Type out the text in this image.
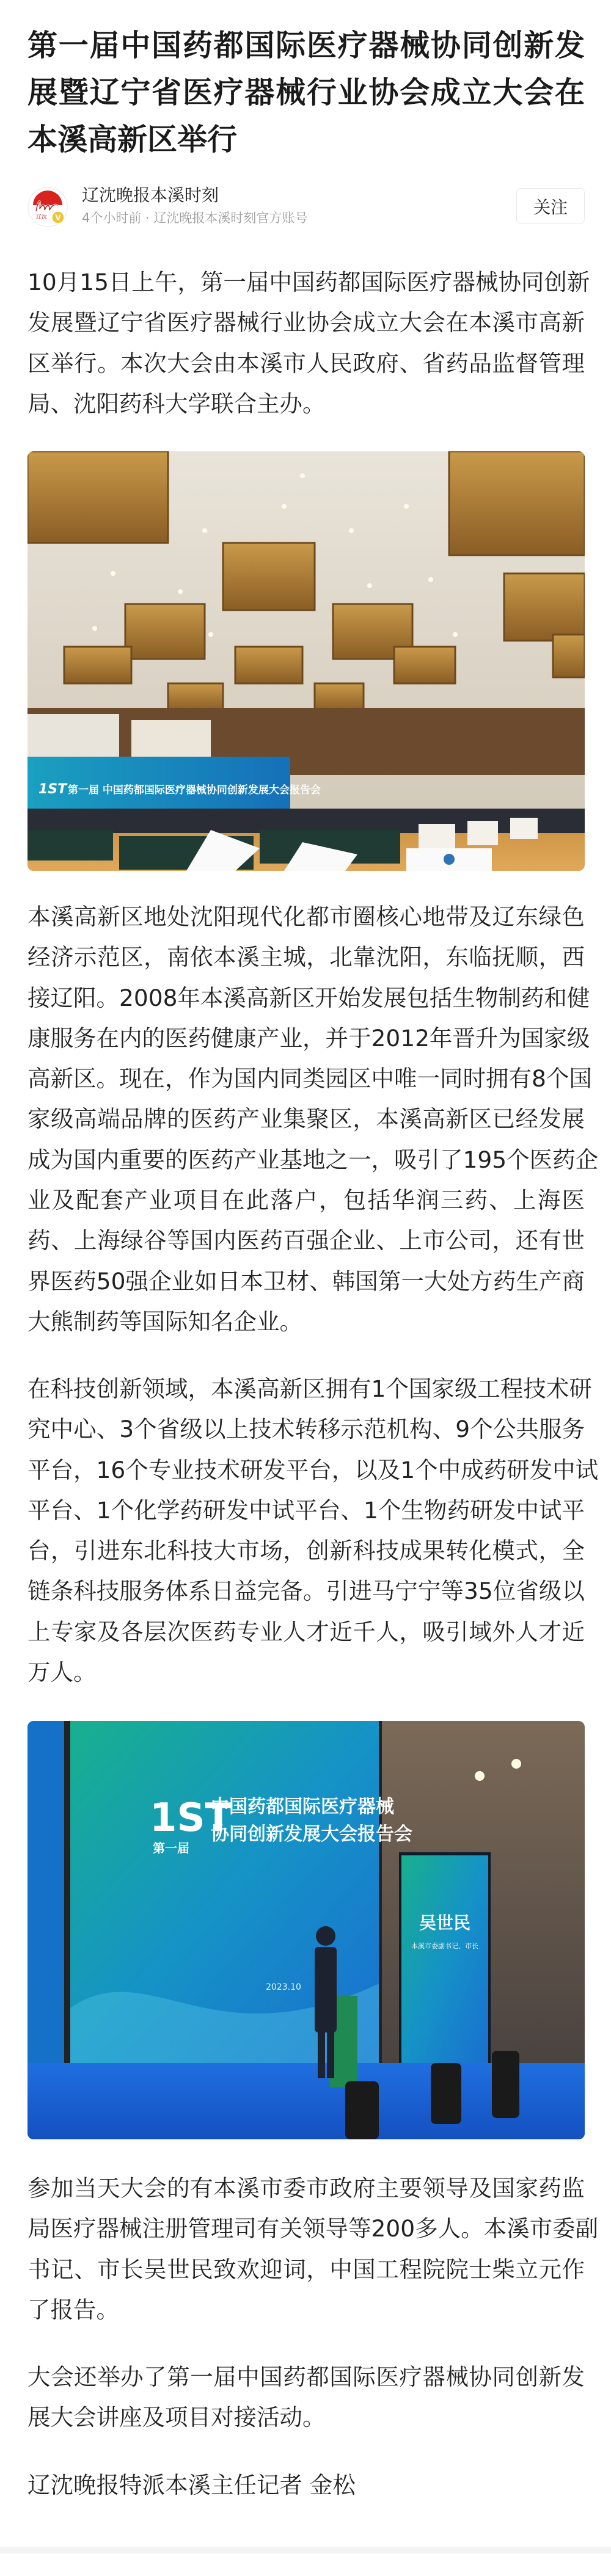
第一届中国药都国际医疗器械协同创新发
展暨辽宁省医疗器械行业协会成立大会在
本溪高新区举行
辽沈 V
辽沈晚报本溪时刻
4个小时前 · 辽沈晚报本溪时刻官方账号
关注
10月15日上午，第一届中国药都国际医疗器械协同创新
发展暨辽宁省医疗器械行业协会成立大会在本溪市高新
区举行。本次大会由本溪市人民政府、省药品监督管理
局、沈阳药科大学联合主办。
1ST 第一届 中国药都国际医疗器械协同创新发展大会报告会
本溪高新区地处沈阳现代化都市圈核心地带及辽东绿色
经济示范区，南依本溪主城，北靠沈阳，东临抚顺，西
接辽阳。2008年本溪高新区开始发展包括生物制药和健
康服务在内的医药健康产业，并于2012年晋升为国家级
高新区。现在，作为国内同类园区中唯一同时拥有8个国
家级高端品牌的医药产业集聚区，本溪高新区已经发展
成为国内重要的医药产业基地之一，吸引了195个医药企
业及配套产业项目在此落户，包括华润三药、上海医
药、上海绿谷等国内医药百强企业、上市公司，还有世
界医药50强企业如日本卫材、韩国第一大处方药生产商
大熊制药等国际知名企业。
在科技创新领域，本溪高新区拥有1个国家级工程技术研
究中心、3个省级以上技术转移示范机构、9个公共服务
平台，16个专业技术研发平台，以及1个中成药研发中试
平台、1个化学药研发中试平台、1个生物药研发中试平
台，引进东北科技大市场，创新科技成果转化模式，全
链条科技服务体系日益完备。引进马宁宁等35位省级以
上专家及各层次医药专业人才近千人，吸引域外人才近
万人。
1ST
第一届
中国药都国际医疗器械
协同创新发展大会报告会
2023.10
吴世民
本溪市委副书记、市长
参加当天大会的有本溪市委市政府主要领导及国家药监
局医疗器械注册管理司有关领导等200多人。本溪市委副
书记、市长吴世民致欢迎词，中国工程院院士柴立元作
了报告。
大会还举办了第一届中国药都国际医疗器械协同创新发
展大会讲座及项目对接活动。
辽沈晚报特派本溪主任记者 金松
